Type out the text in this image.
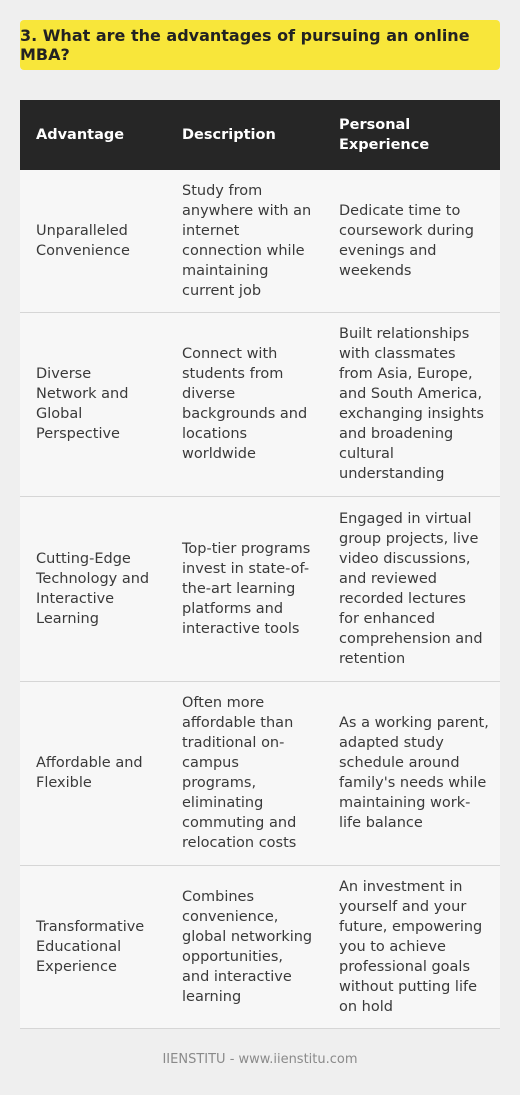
3. What are the advantages of pursuing an online MBA?
Advantage	Description	Personal Experience
Unparalleled Convenience	Study from anywhere with an internet connection while maintaining current job	Dedicate time to coursework during evenings and weekends
Diverse Network and Global Perspective	Connect with students from diverse backgrounds and locations worldwide	Built relationships with classmates from Asia, Europe, and South America, exchanging insights and broadening cultural understanding
Cutting-Edge Technology and Interactive Learning	Top-tier programs invest in state-of-the-art learning platforms and interactive tools	Engaged in virtual group projects, live video discussions, and reviewed recorded lectures for enhanced comprehension and retention
Affordable and Flexible	Often more affordable than traditional on-campus programs, eliminating commuting and relocation costs	As a working parent, adapted study schedule around family's needs while maintaining work-life balance
Transformative Educational Experience	Combines convenience, global networking opportunities, and interactive learning	An investment in yourself and your future, empowering you to achieve professional goals without putting life on hold
IIENSTITU - www.iienstitu.com
